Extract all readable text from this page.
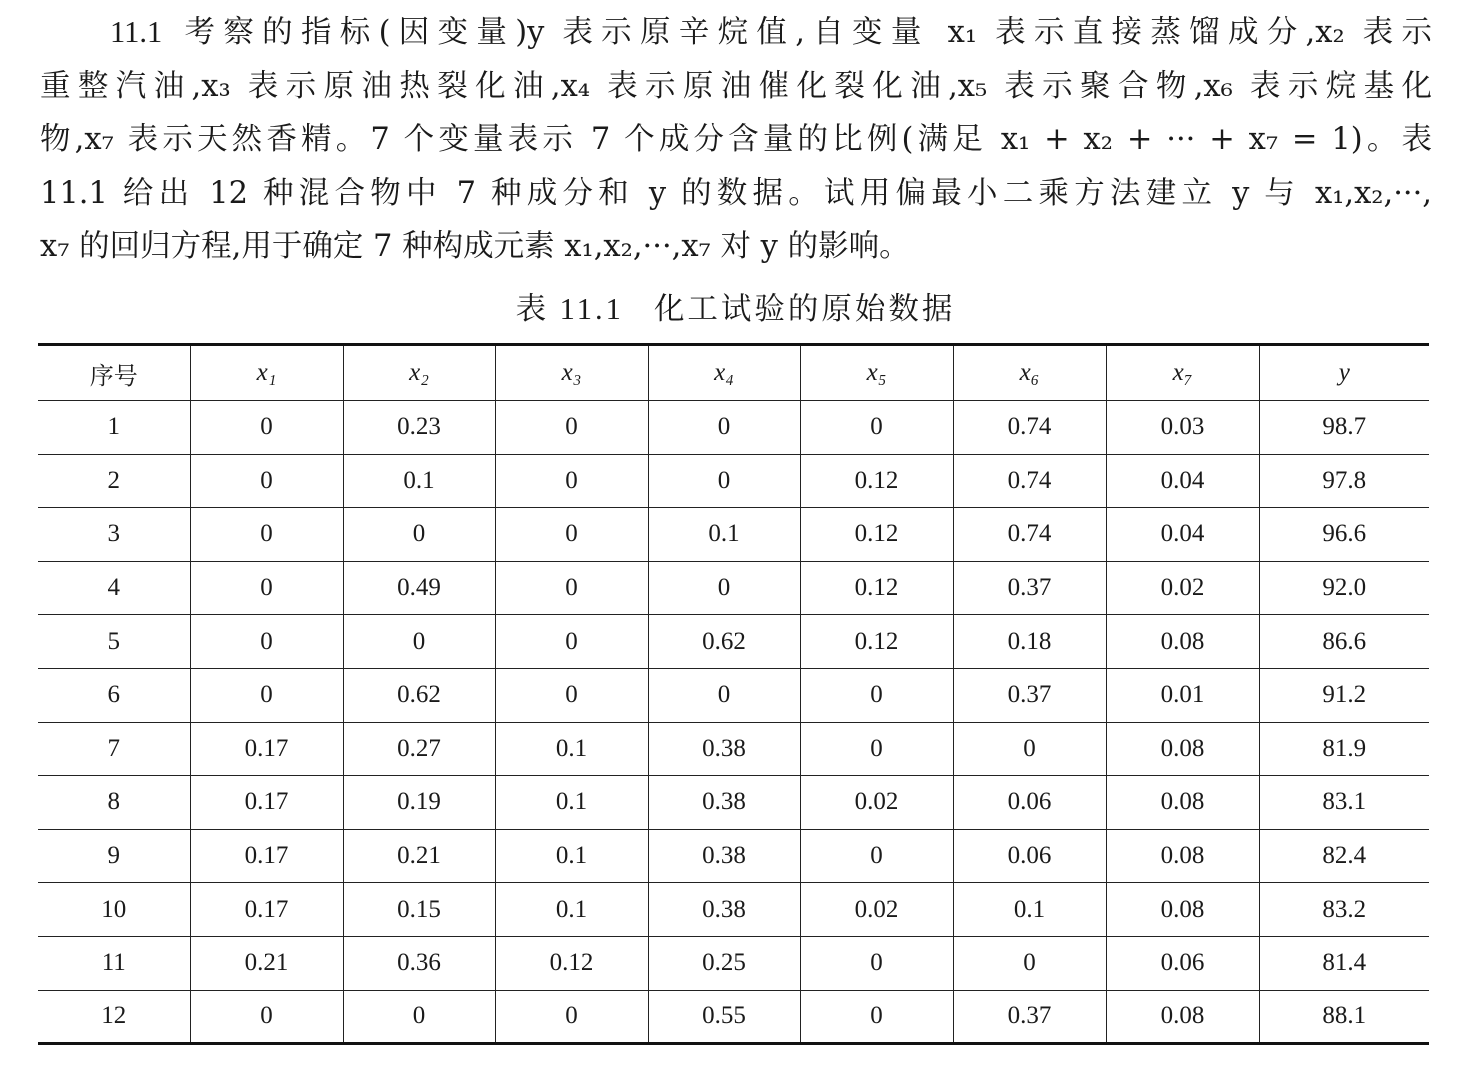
11.1 考察的指标(因变量)y 表示原辛烷值,自变量 x₁ 表示直接蒸馏成分,x₂ 表示
重整汽油,x₃ 表示原油热裂化油,x₄ 表示原油催化裂化油,x₅ 表示聚合物,x₆ 表示烷基化
物,x₇ 表示天然香精。7 个变量表示 7 个成分含量的比例(满足 x₁ + x₂ + ··· + x₇ = 1)。表
11.1 给出 12 种混合物中 7 种成分和 y 的数据。试用偏最小二乘方法建立 y 与 x₁,x₂,···,
x₇ 的回归方程,用于确定 7 种构成元素 x₁,x₂,···,x₇ 对 y 的影响。
表 11.1 化工试验的原始数据
序号	x₁	x₂	x₃	x₄	x₅	x₆	x₇	y
1	0	0.23	0	0	0	0.74	0.03	98.7
2	0	0.1	0	0	0.12	0.74	0.04	97.8
3	0	0	0	0.1	0.12	0.74	0.04	96.6
4	0	0.49	0	0	0.12	0.37	0.02	92.0
5	0	0	0	0.62	0.12	0.18	0.08	86.6
6	0	0.62	0	0	0	0.37	0.01	91.2
7	0.17	0.27	0.1	0.38	0	0	0.08	81.9
8	0.17	0.19	0.1	0.38	0.02	0.06	0.08	83.1
9	0.17	0.21	0.1	0.38	0	0.06	0.08	82.4
10	0.17	0.15	0.1	0.38	0.02	0.1	0.08	83.2
11	0.21	0.36	0.12	0.25	0	0	0.06	81.4
12	0	0	0	0.55	0	0.37	0.08	88.1
